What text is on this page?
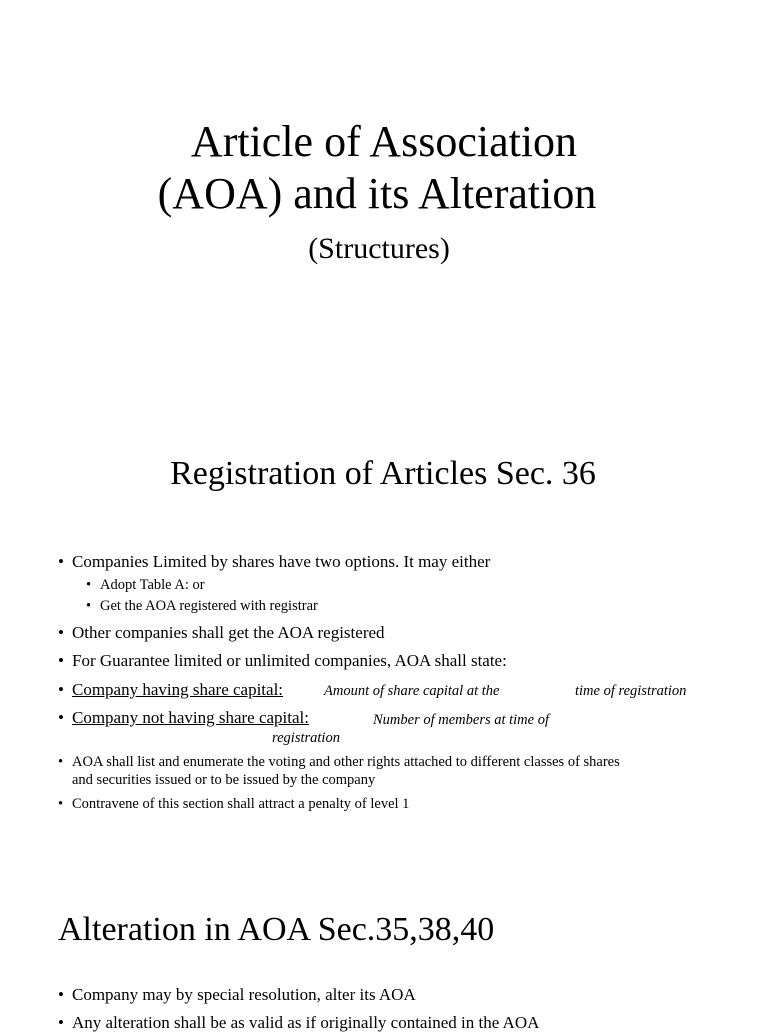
Article of Association
(AOA) and its Alteration
(Structures)
Registration of Articles Sec. 36
• Companies Limited by shares have two options. It may either
• Adopt Table A: or
• Get the AOA registered with registrar
• Other companies shall get the AOA registered
• For Guarantee limited or unlimited companies, AOA shall state:
• Company having share capital:	Amount of share capital at the	time of registration
• Company not having share capital:	Number of members at time of
registration
• AOA shall list and enumerate the voting and other rights attached to different classes of shares
and securities issued or to be issued by the company
• Contravene of this section shall attract a penalty of level 1
Alteration in AOA Sec.35,38,40
• Company may by special resolution, alter its AOA
• Any alteration shall be as valid as if originally contained in the AOA
